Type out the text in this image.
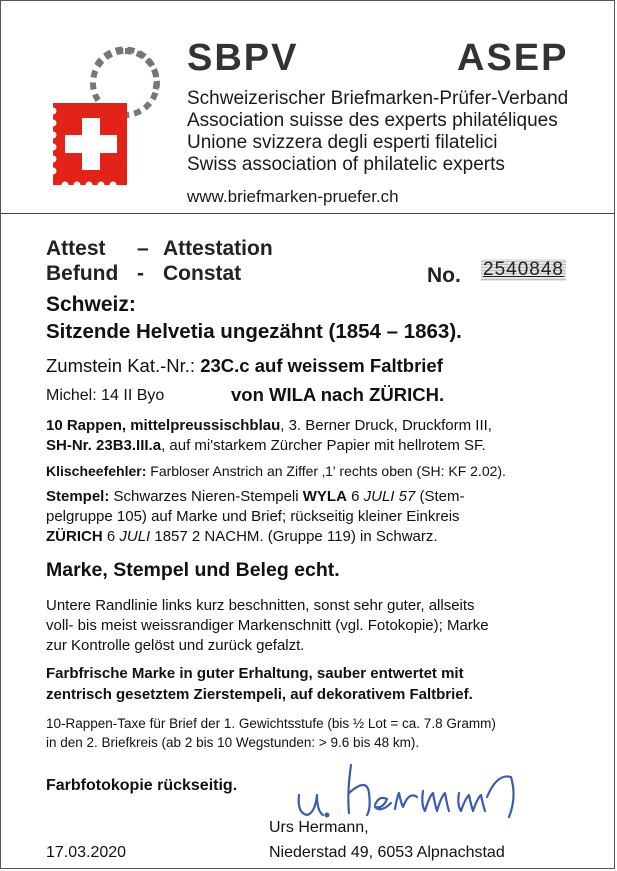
SBPV	ASEP
Schweizerischer Briefmarken-Prüfer-Verband
Association suisse des experts philatéliques
Unione svizzera degli esperti filatelici
Swiss association of philatelic experts
www.briefmarken-pruefer.ch
Attest – Attestation
Befund - Constat	No. 2540848
Schweiz:
Sitzende Helvetia ungezähnt (1854 – 1863).
Zumstein Kat.-Nr.: 23C.c auf weissem Faltbrief
Michel: 14 II Byo	von WILA nach ZÜRICH.
10 Rappen, mittelpreussischblau, 3. Berner Druck, Druckform III,
SH-Nr. 23B3.III.a, auf mi'starkem Zürcher Papier mit hellrotem SF.
Klischeefehler: Farbloser Anstrich an Ziffer ‚1' rechts oben (SH: KF 2.02).
Stempel: Schwarzes Nieren-Stempeli WYLA 6 JULI 57 (Stem-
pelgruppe 105) auf Marke und Brief; rückseitig kleiner Einkreis
ZÜRICH 6 JULI 1857 2 NACHM. (Gruppe 119) in Schwarz.
Marke, Stempel und Beleg echt.
Untere Randlinie links kurz beschnitten, sonst sehr guter, allseits
voll- bis meist weissrandiger Markenschnitt (vgl. Fotokopie); Marke
zur Kontrolle gelöst und zurück gefalzt.
Farbfrische Marke in guter Erhaltung, sauber entwertet mit
zentrisch gesetztem Zierstempeli, auf dekorativem Faltbrief.
10-Rappen-Taxe für Brief der 1. Gewichtsstufe (bis ½ Lot = ca. 7.8 Gramm)
in den 2. Briefkreis (ab 2 bis 10 Wegstunden: > 9.6 bis 48 km).
Farbfotokopie rückseitig.
Urs Hermann,
17.03.2020	Niederstad 49, 6053 Alpnachstad
